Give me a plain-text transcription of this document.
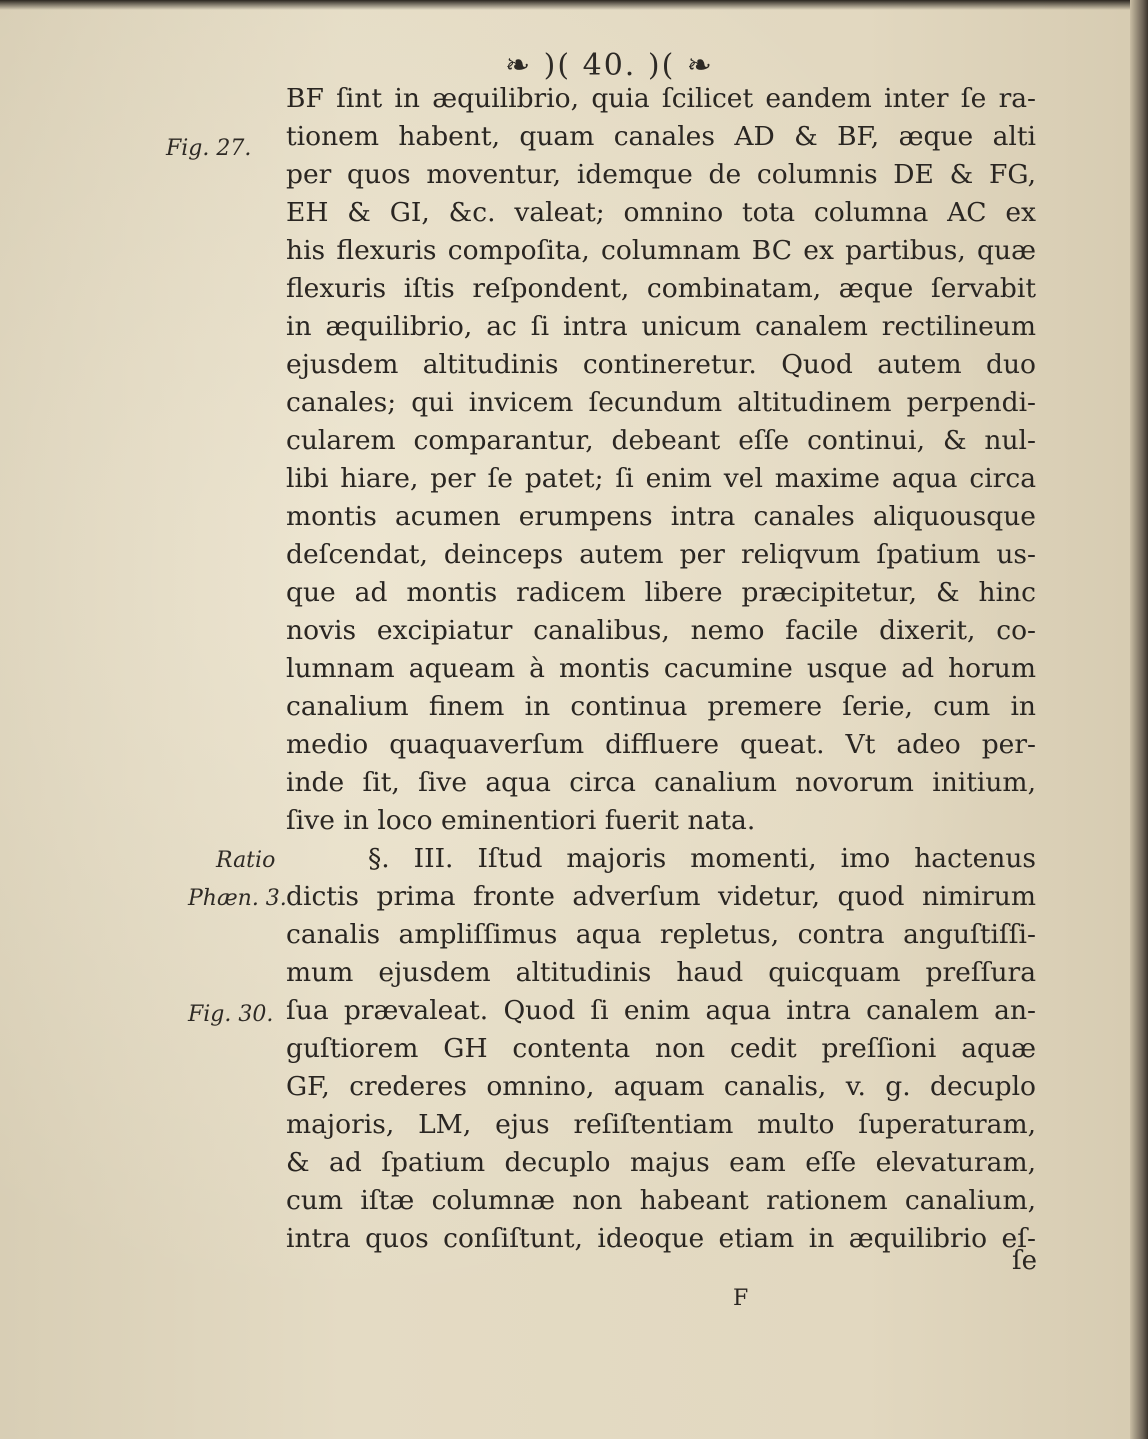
❧ )( 40. )( ❧
Fig. 27.
Ratio
Phæn. 3.
Fig. 30.
BF ſint in æquilibrio, quia ſcilicet eandem inter ſe ra-
tionem habent, quam canales AD & BF, æque alti
per quos moventur, idemque de columnis DE & FG,
EH & GI, &c. valeat; omnino tota columna AC ex
his flexuris compoſita, columnam BC ex partibus, quæ
flexuris iſtis reſpondent, combinatam, æque ſervabit
in æquilibrio, ac ſi intra unicum canalem rectilineum
ejusdem altitudinis contineretur. Quod autem duo
canales; qui invicem ſecundum altitudinem perpendi-
cularem comparantur, debeant eſſe continui, & nul-
libi hiare, per ſe patet; ſi enim vel maxime aqua circa
montis acumen erumpens intra canales aliquousque
deſcendat, deinceps autem per reliqvum ſpatium us-
que ad montis radicem libere præcipitetur, & hinc
novis excipiatur canalibus, nemo facile dixerit, co-
lumnam aqueam à montis cacumine usque ad horum
canalium finem in continua premere ſerie, cum in
medio quaquaverſum diffluere queat. Vt adeo per-
inde ſit, ſive aqua circa canalium novorum initium,
ſive in loco eminentiori fuerit nata.
§. III. Iſtud majoris momenti, imo hactenus
dictis prima fronte adverſum videtur, quod nimirum
canalis ampliſſimus aqua repletus, contra anguſtiſſi-
mum ejusdem altitudinis haud quicquam preſſura
ſua prævaleat. Quod ſi enim aqua intra canalem an-
guſtiorem GH contenta non cedit preſſioni aquæ
GF, crederes omnino, aquam canalis, v. g. decuplo
majoris, LM, ejus reſiſtentiam multo ſuperaturam,
& ad ſpatium decuplo majus eam eſſe elevaturam,
cum iſtæ columnæ non habeant rationem canalium,
intra quos conſiſtunt, ideoque etiam in æquilibrio eſ-
ſe
F
